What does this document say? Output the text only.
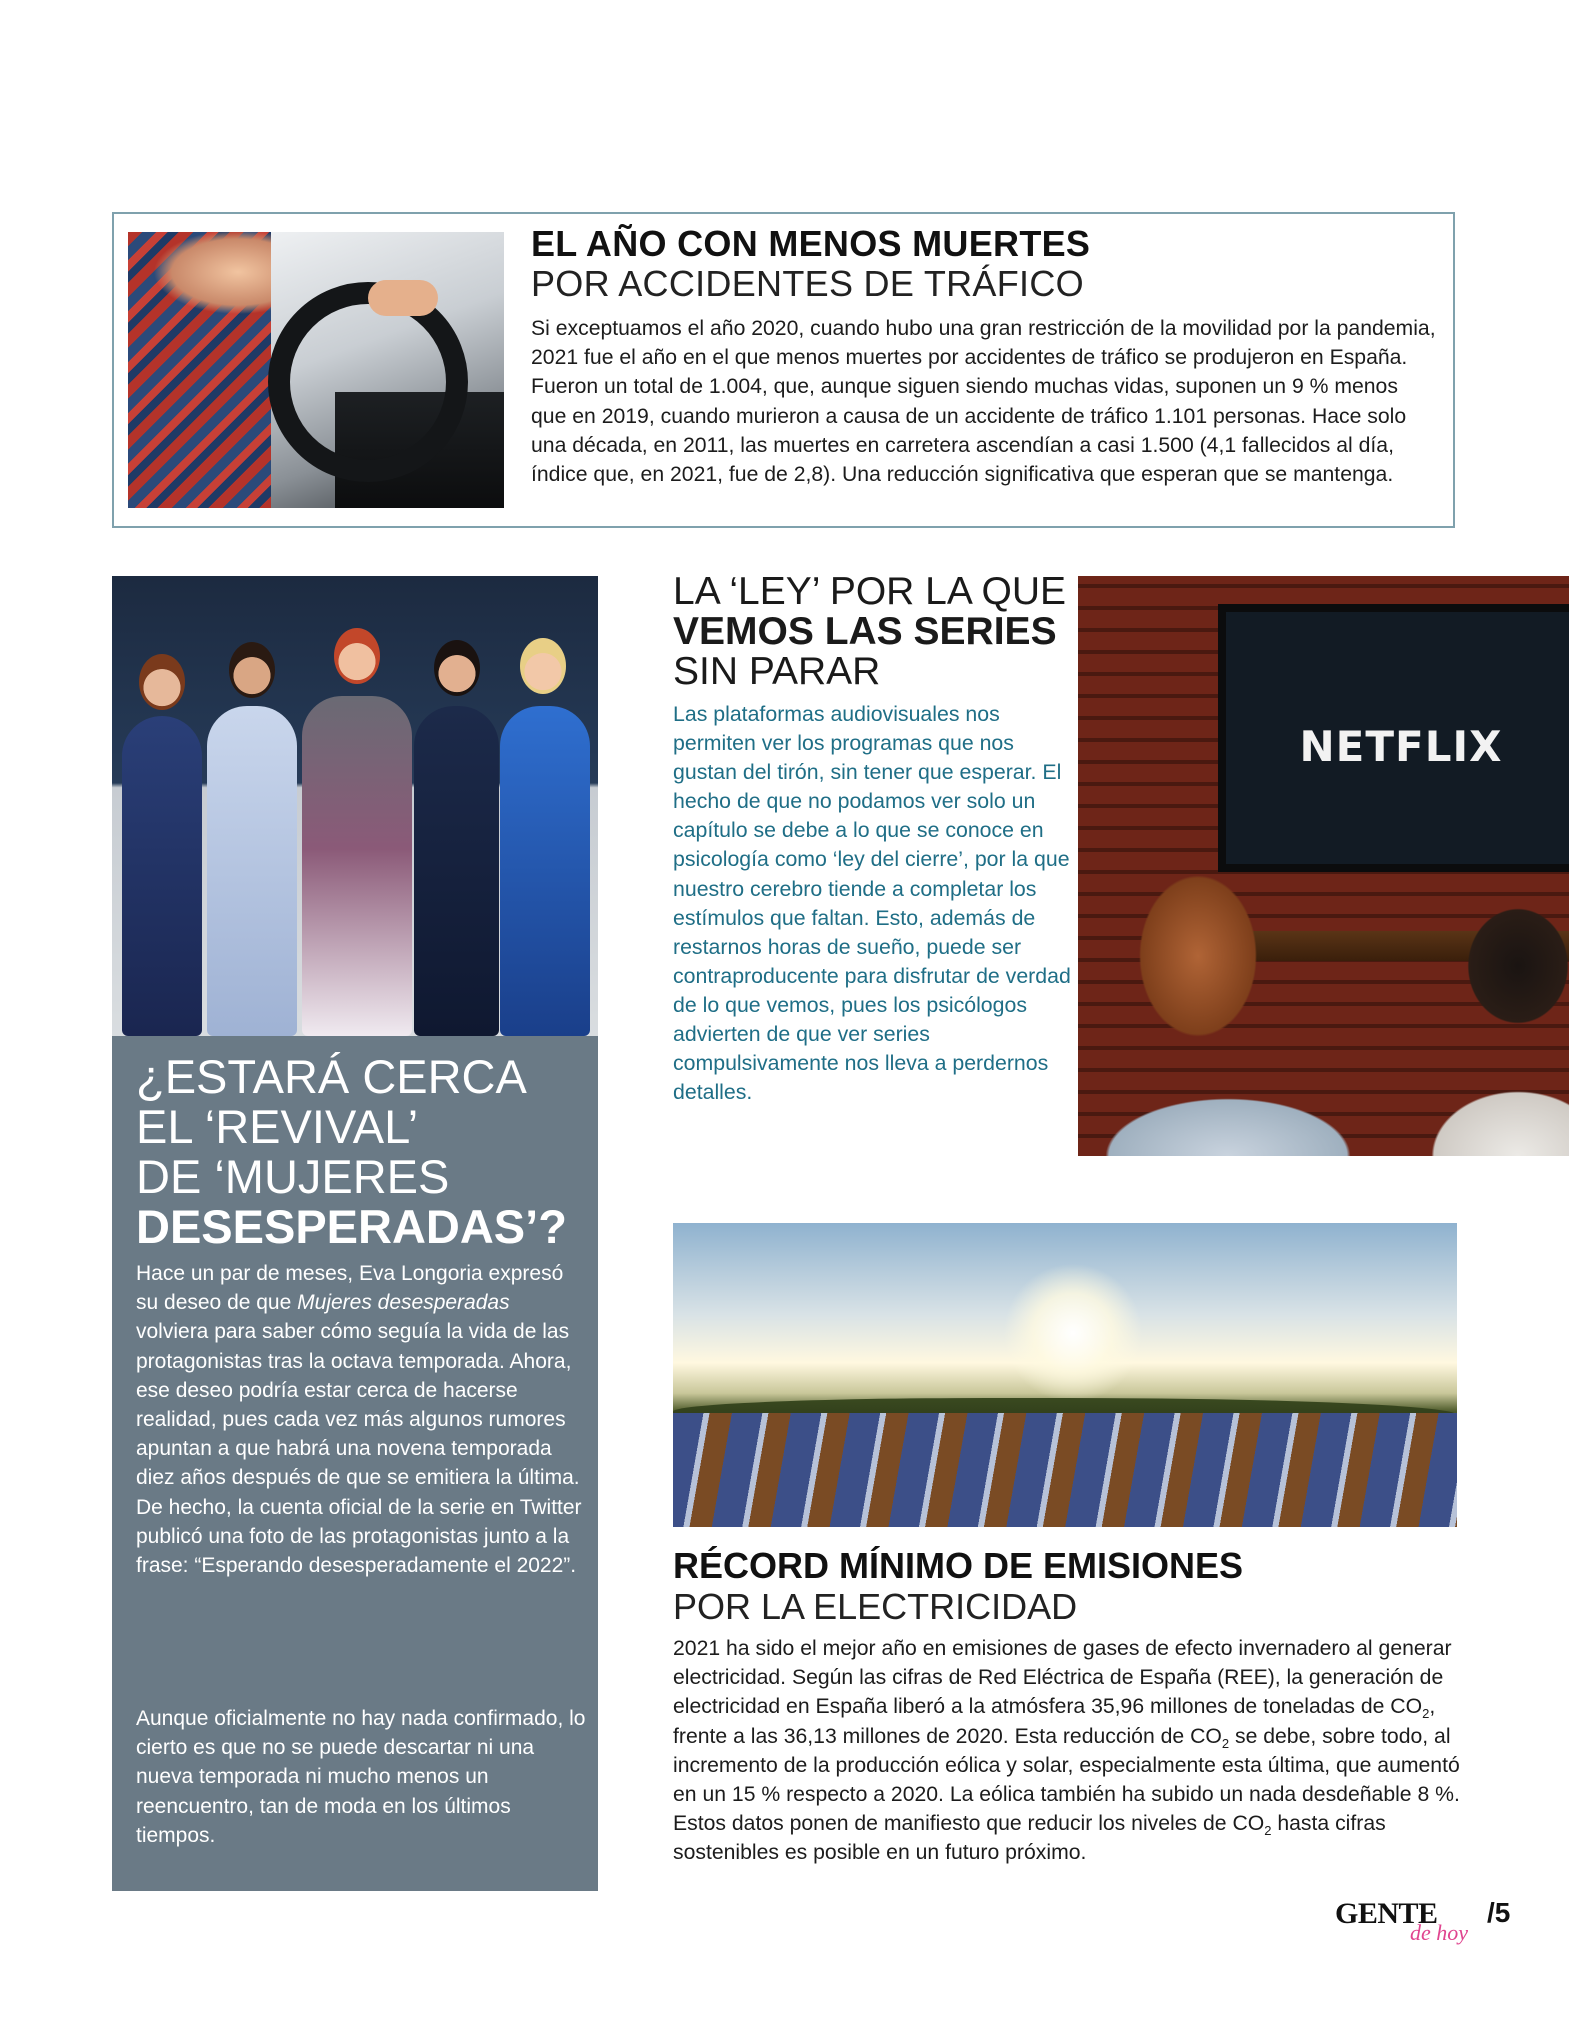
EL AÑO CON MENOS MUERTES
POR ACCIDENTES DE TRÁFICO

Si exceptuamos el año 2020, cuando hubo una gran restricción de la movilidad por la pandemia, 2021 fue el año en el que menos muertes por accidentes de tráfico se produjeron en España. Fueron un total de 1.004, que, aunque siguen siendo muchas vidas, suponen un 9 % menos que en 2019, cuando murieron a causa de un accidente de tráfico 1.101 personas. Hace solo una década, en 2011, las muertes en carretera ascendían a casi 1.500 (4,1 fallecidos al día, índice que, en 2021, fue de 2,8). Una reducción significativa que esperan que se mantenga.

¿ESTARÁ CERCA
EL ‘REVIVAL’
DE ‘MUJERES
DESESPERADAS’?

Hace un par de meses, Eva Longoria expresó su deseo de que Mujeres desesperadas volviera para saber cómo seguía la vida de las protagonistas tras la octava temporada. Ahora, ese deseo podría estar cerca de hacerse realidad, pues cada vez más algunos rumores apuntan a que habrá una novena temporada diez años después de que se emitiera la última. De hecho, la cuenta oficial de la serie en Twitter publicó una foto de las protagonistas junto a la frase: “Esperando desesperadamente el 2022”.

Aunque oficialmente no hay nada confirmado, lo cierto es que no se puede descartar ni una nueva temporada ni mucho menos un reencuentro, tan de moda en los últimos tiempos.

LA ‘LEY’ POR LA QUE VEMOS LAS SERIES SIN PARAR

Las plataformas audiovisuales nos permiten ver los programas que nos gustan del tirón, sin tener que esperar. El hecho de que no podamos ver solo un capítulo se debe a lo que se conoce en psicología como ‘ley del cierre’, por la que nuestro cerebro tiende a completar los estímulos que faltan. Esto, además de restarnos horas de sueño, puede ser contraproducente para disfrutar de verdad de lo que vemos, pues los psicólogos advierten de que ver series compulsivamente nos lleva a perdernos detalles.

NETFLIX
RÉCORD MÍNIMO DE EMISIONES
POR LA ELECTRICIDAD

2021 ha sido el mejor año en emisiones de gases de efecto invernadero al generar electricidad. Según las cifras de Red Eléctrica de España (REE), la generación de electricidad en España liberó a la atmósfera 35,96 millones de toneladas de $CO_2$, frente a las 36,13 millones de 2020. Esta reducción de $CO_2$ se debe, sobre todo, al incremento de la producción eólica y solar, especialmente esta última, que aumentó en un 15 % respecto a 2020. La eólica también ha subido un nada desdeñable 8 %. Estos datos ponen de manifiesto que reducir los niveles de $CO_2$ hasta cifras sostenibles es posible en un futuro próximo.

GENTE
de hoy
/5
